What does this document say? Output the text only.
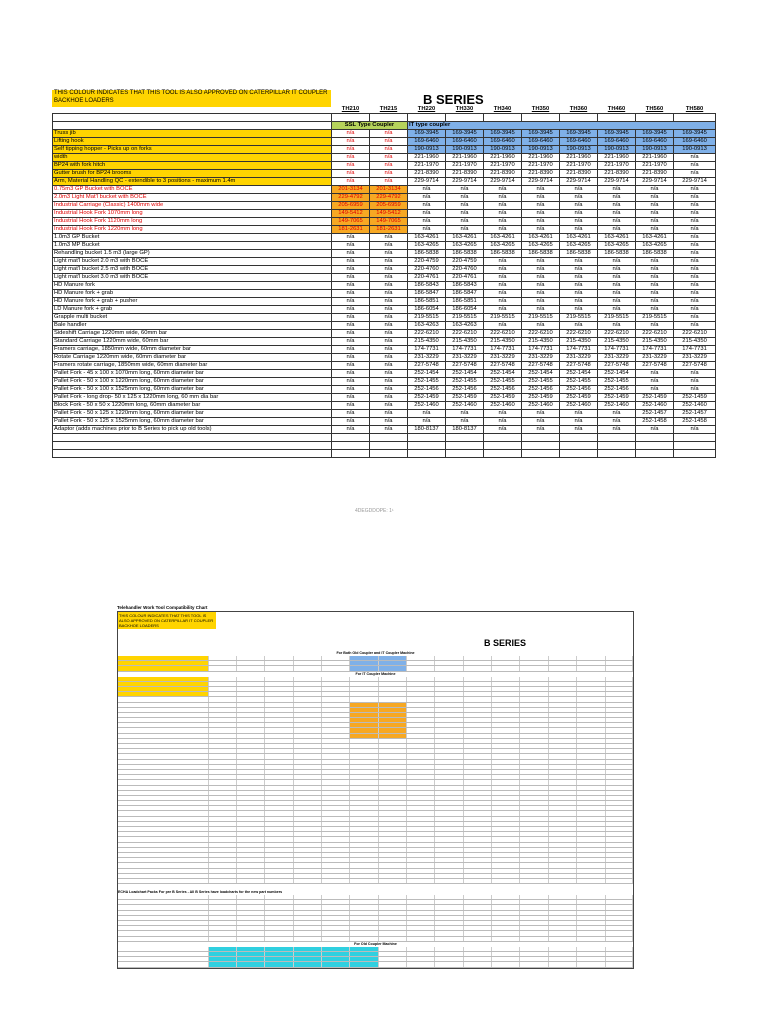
THIS COLOUR INDICATES THAT THIS TOOL IS ALSO APPROVED ON CATERPILLAR IT COUPLER BACKHOE LOADERS	B SERIES

	TH210	TH215	TH220	TH330	TH340	TH350	TH360	TH460	TH560	TH580

	SSL Type Coupler		IT type coupler							
Truss jib	n/a	n/a	169-3945	169-3945	169-3945	169-3945	169-3945	169-3945	169-3945	169-3945
Lifting hook	n/a	n/a	169-6460	169-6460	169-6460	169-6460	169-6460	169-6460	169-6460	169-6460
Self tipping hopper - Picks up on forks	n/a	n/a	190-0913	190-0913	190-0913	190-0913	190-0913	190-0913	190-0913	190-0913
width	n/a	n/a	221-1960	221-1960	221-1960	221-1960	221-1960	221-1960	221-1960	n/a
BP24 with fork hitch	n/a	n/a	221-1970	221-1970	221-1970	221-1970	221-1970	221-1970	221-1970	n/a
Gutter brush for BP24 brooms	n/a	n/a	221-8390	221-8390	221-8390	221-8390	221-8390	221-8390	221-8390	n/a
Arm, Material Handling QC - extendible to 3 positions - maximum 1.4m	n/a	n/a	229-9714	229-9714	229-9714	229-9714	229-9714	229-9714	229-9714	229-9714
0.75m3 GP Bucket with BOCE	201-3134	201-3134	n/a	n/a	n/a	n/a	n/a	n/a	n/a	n/a
2.0m3 Light Mat'l bucket with BOCE	229-4792	229-4792	n/a	n/a	n/a	n/a	n/a	n/a	n/a	n/a
Industrial Carriage (Classic) 1400mm wide	205-6959	205-6959	n/a	n/a	n/a	n/a	n/a	n/a	n/a	n/a
Industrial Hook Fork 1070mm long	149-5412	149-5412	n/a	n/a	n/a	n/a	n/a	n/a	n/a	n/a
Industrial Hook Fork 1120mm long	149-7065	149-7065	n/a	n/a	n/a	n/a	n/a	n/a	n/a	n/a
Industrial Hook Fork 1220mm long	181-2631	181-2631	n/a	n/a	n/a	n/a	n/a	n/a	n/a	n/a
1.0m3 GP Bucket	n/a	n/a	163-4261	163-4261	163-4261	163-4261	163-4261	163-4261	163-4261	n/a
1.0m3 MP Bucket	n/a	n/a	163-4265	163-4265	163-4265	163-4265	163-4265	163-4265	163-4265	n/a
Rehandling bucket 1.5 m3 (large GP)	n/a	n/a	186-5838	186-5838	186-5838	186-5838	186-5838	186-5838	186-5838	n/a
Light mat'l bucket 2.0 m3 with BOCE	n/a	n/a	220-4759	220-4759	n/a	n/a	n/a	n/a	n/a	n/a
Light mat'l bucket 2.5 m3 with BOCE	n/a	n/a	220-4760	220-4760	n/a	n/a	n/a	n/a	n/a	n/a
Light mat'l bucket 3.0 m3 with BOCE	n/a	n/a	220-4761	220-4761	n/a	n/a	n/a	n/a	n/a	n/a
HD Manure fork	n/a	n/a	186-5843	186-5843	n/a	n/a	n/a	n/a	n/a	n/a
HD Manure fork + grab	n/a	n/a	186-5847	186-5847	n/a	n/a	n/a	n/a	n/a	n/a
HD Manure fork + grab + pusher	n/a	n/a	186-5851	186-5851	n/a	n/a	n/a	n/a	n/a	n/a
LD Manure fork + grab	n/a	n/a	186-6054	186-6054	n/a	n/a	n/a	n/a	n/a	n/a
Grapple multi bucket	n/a	n/a	219-5515	219-5515	219-5515	219-5515	219-5515	219-5515	219-5515	n/a
Bale handler	n/a	n/a	163-4263	163-4263	n/a	n/a	n/a	n/a	n/a	n/a
Sideshift Carriage 1220mm wide, 60mm bar	n/a	n/a	222-6210	222-6210	222-6210	222-6210	222-6210	222-6210	222-6210	222-6210
Standard Carriage 1220mm wide, 60mm bar	n/a	n/a	215-4350	215-4350	215-4350	215-4350	215-4350	215-4350	215-4350	215-4350
Framers carriage, 1850mm wide, 60mm diameter bar	n/a	n/a	174-7731	174-7731	174-7731	174-7731	174-7731	174-7731	174-7731	174-7731
Rotate Carriage 1220mm wide, 60mm diameter bar	n/a	n/a	231-3229	231-3229	231-3229	231-3229	231-3229	231-3229	231-3229	231-3229
Framers rotate carriage, 1850mm wide, 60mm diameter bar	n/a	n/a	227-5748	227-5748	227-5748	227-5748	227-5748	227-5748	227-5748	227-5748
Pallet Fork - 45 x 100 x 1070mm long, 60mm diameter bar	n/a	n/a	252-1454	252-1454	252-1454	252-1454	252-1454	252-1454	n/a	n/a
Pallet Fork - 50 x 100 x 1220mm long, 60mm diameter bar	n/a	n/a	252-1455	252-1455	252-1455	252-1455	252-1455	252-1455	n/a	n/a
Pallet Fork - 50 x 100 x 1525mm long, 60mm diameter bar	n/a	n/a	252-1456	252-1456	252-1456	252-1456	252-1456	252-1456	n/a	n/a
Pallet Fork - long drop- 50 x 125 x 1220mm long, 60 mm dia bar	n/a	n/a	252-1459	252-1459	252-1459	252-1459	252-1459	252-1459	252-1459	252-1459
Block Fork - 50 x 50 x 1220mm long, 60mm diameter bar	n/a	n/a	252-1460	252-1460	252-1460	252-1460	252-1460	252-1460	252-1460	252-1460
Pallet Fork - 50 x 125 x 1220mm long, 60mm diameter bar	n/a	n/a	n/a	n/a	n/a	n/a	n/a	n/a	252-1457	252-1457
Pallet Fork - 50 x 125 x 1525mm long, 60mm diameter bar	n/a	n/a	n/a	n/a	n/a	n/a	n/a	n/a	252-1458	252-1458
Adaptor (adds machines prior to B Series to pick up old tools)	n/a	n/a	180-8137	180-8137	n/a	n/a	n/a	n/a	n/a	n/a

4DEGDDOPE: 1¹
Telehandler Work Tool Compatibility Chart
THIS COLOUR INDICATES THAT THIS TOOL IS ALSO APPROVED ON CATERPILLAR IT COUPLER BACKHOE LOADERS
B SERIES
For Both Old Coupler and IT Coupler Machine
For IT Coupler Machine
ECHA Loadchart Packs For pre B Series - All B Series have loadcharts for the new part numbers
For Old Coupler Machine
